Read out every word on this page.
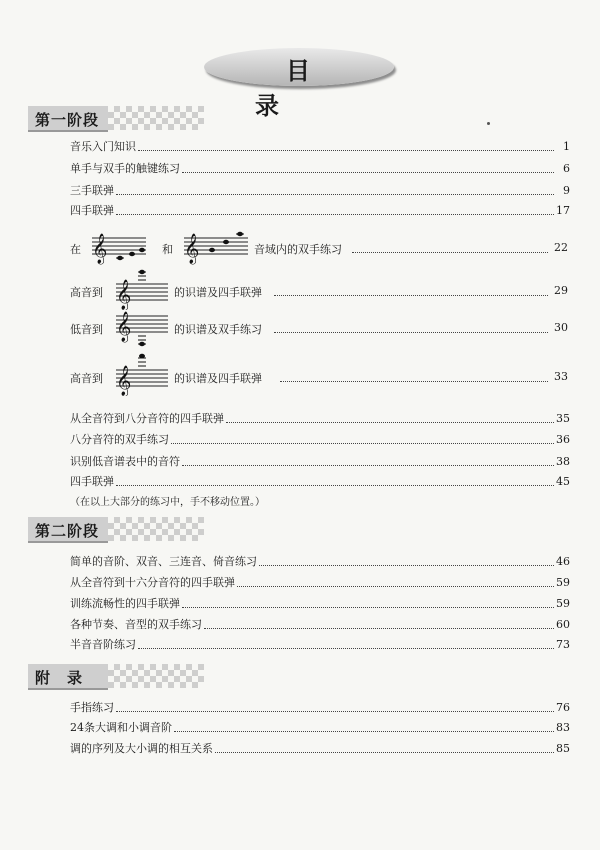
目　录
第一阶段
音乐入门知识	1
单手与双手的触键练习	6
三手联弹	9
四手联弹	17
在 𝄞	和 𝄞	音域内的双手练习	22
高音到 𝄞	的识谱及四手联弹	29
低音到 𝄞	的识谱及双手练习	30
高音到 𝄞	的识谱及四手联弹	33
从全音符到八分音符的四手联弹	35
八分音符的双手练习	36
识别低音谱表中的音符	38
四手联弹	45
（在以上大部分的练习中，手不移动位置。）
第二阶段
简单的音阶、双音、三连音、倚音练习	46
从全音符到十六分音符的四手联弹	59
训练流畅性的四手联弹	59
各种节奏、音型的双手练习	60
半音音阶练习	73
附　录
手指练习	76
24条大调和小调音阶	83
调的序列及大小调的相互关系	85
